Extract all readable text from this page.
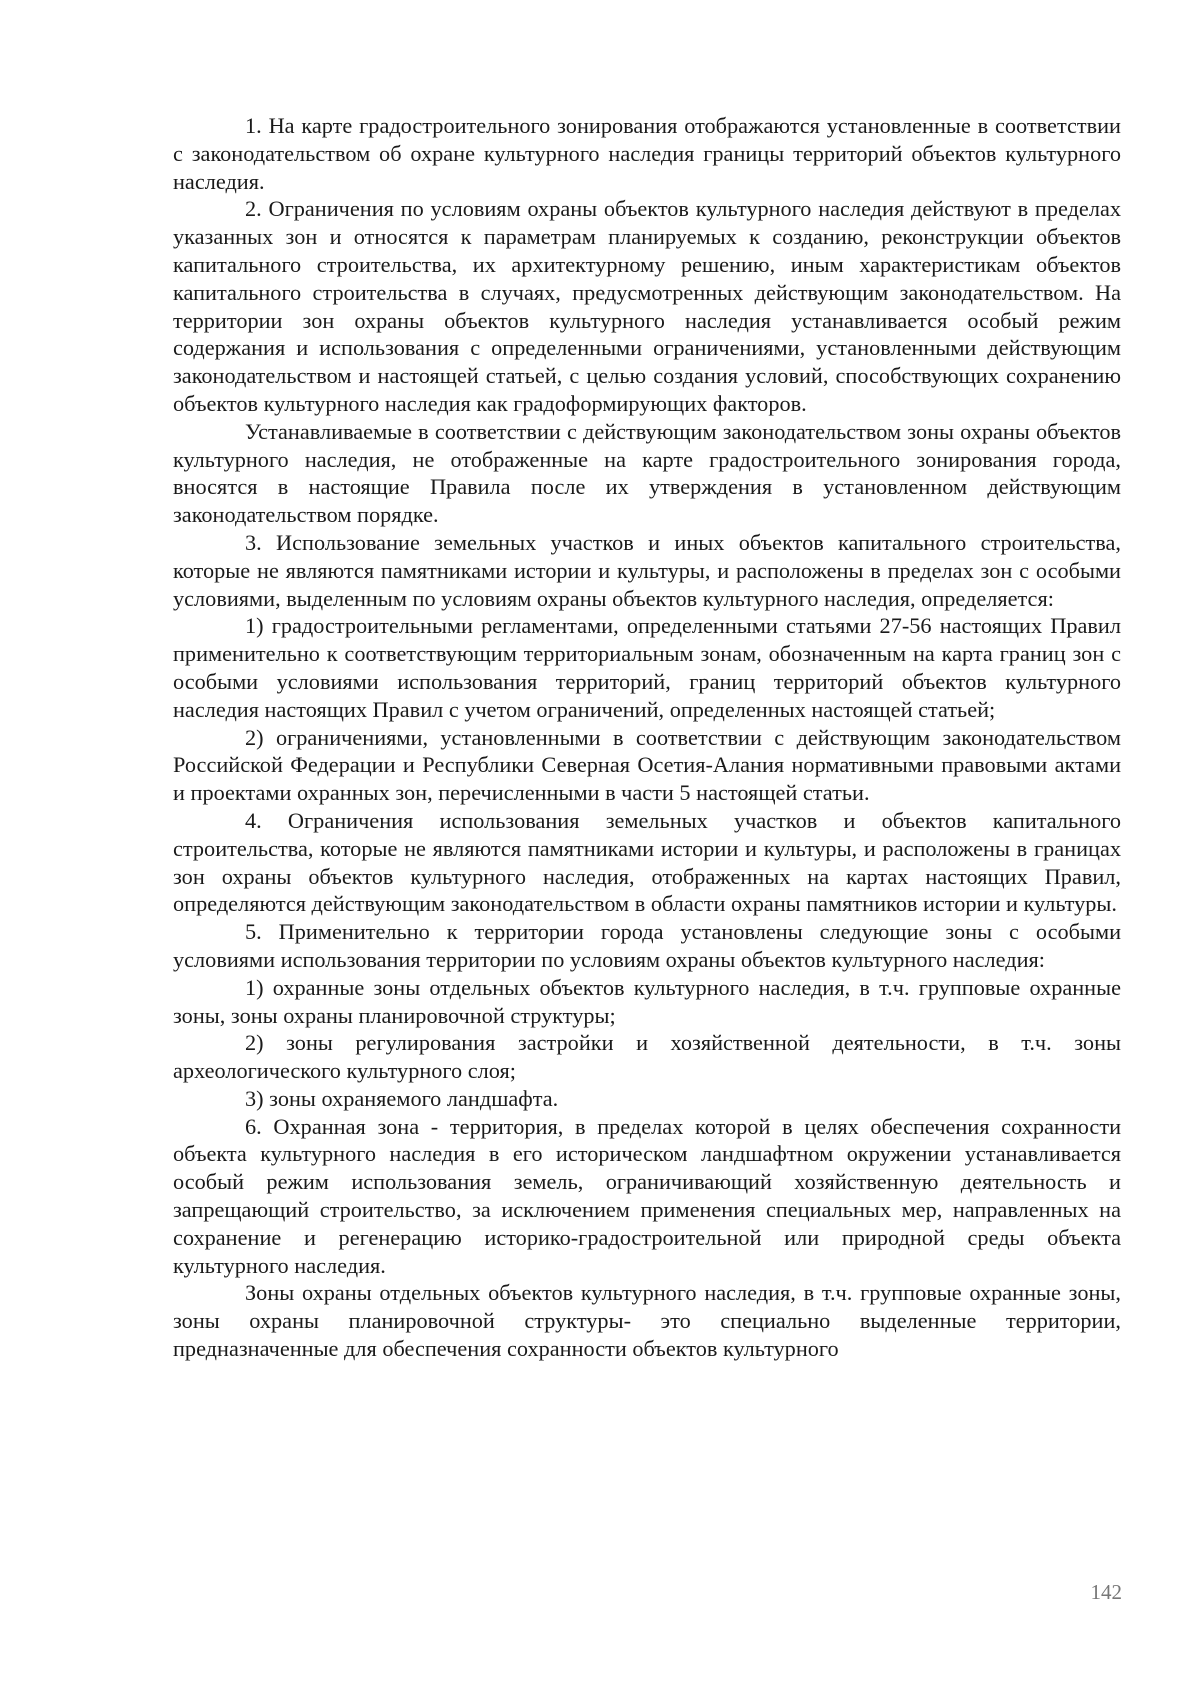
1. На карте градостроительного зонирования отображаются установленные в соответствии с законодательством об охране культурного наследия границы территорий объектов культурного наследия.

2. Ограничения по условиям охраны объектов культурного наследия действуют в пределах указанных зон и относятся к параметрам планируемых к созданию, реконструкции объектов капитального строительства, их архитектурному решению, иным характеристикам объектов капитального строительства в случаях, предусмотренных действующим законодательством. На территории зон охраны объектов культурного наследия устанавливается особый режим содержания и использования с определенными ограничениями, установленными действующим законодательством и настоящей статьей, с целью создания условий, способствующих сохранению объектов культурного наследия как градоформирующих факторов.

Устанавливаемые в соответствии с действующим законодательством зоны охраны объектов культурного наследия, не отображенные на карте градостроительного зонирования города, вносятся в настоящие Правила после их утверждения в установленном действующим законодательством порядке.

3. Использование земельных участков и иных объектов капитального строительства, которые не являются памятниками истории и культуры, и расположены в пределах зон с особыми условиями, выделенным по условиям охраны объектов культурного наследия, определяется:

1) градостроительными регламентами, определенными статьями 27-56 настоящих Правил применительно к соответствующим территориальным зонам, обозначенным на карта границ зон с особыми условиями использования территорий, границ территорий объектов культурного наследия настоящих Правил с учетом ограничений, определенных настоящей статьей;

2) ограничениями, установленными в соответствии с действующим законодательством Российской Федерации и Республики Северная Осетия-Алания нормативными правовыми актами и проектами охранных зон, перечисленными в части 5 настоящей статьи.

4. Ограничения использования земельных участков и объектов капитального строительства, которые не являются памятниками истории и культуры, и расположены в границах зон охраны объектов культурного наследия, отображенных на картах настоящих Правил, определяются действующим законодательством в области охраны памятников истории и культуры.

5. Применительно к территории города установлены следующие зоны с особыми условиями использования территории по условиям охраны объектов культурного наследия:

1) охранные зоны отдельных объектов культурного наследия, в т.ч. групповые охранные зоны, зоны охраны планировочной структуры;

2) зоны регулирования застройки и хозяйственной деятельности, в т.ч. зоны археологического культурного слоя;

3) зоны охраняемого ландшафта.

6. Охранная зона - территория, в пределах которой в целях обеспечения сохранности объекта культурного наследия в его историческом ландшафтном окружении устанавливается особый режим использования земель, ограничивающий хозяйственную деятельность и запрещающий строительство, за исключением применения специальных мер, направленных на сохранение и регенерацию историко-градостроительной или природной среды объекта культурного наследия.

Зоны охраны отдельных объектов культурного наследия, в т.ч. групповые охранные зоны, зоны охраны планировочной структуры- это специально выделенные территории, предназначенные для обеспечения сохранности объектов культурного

142
